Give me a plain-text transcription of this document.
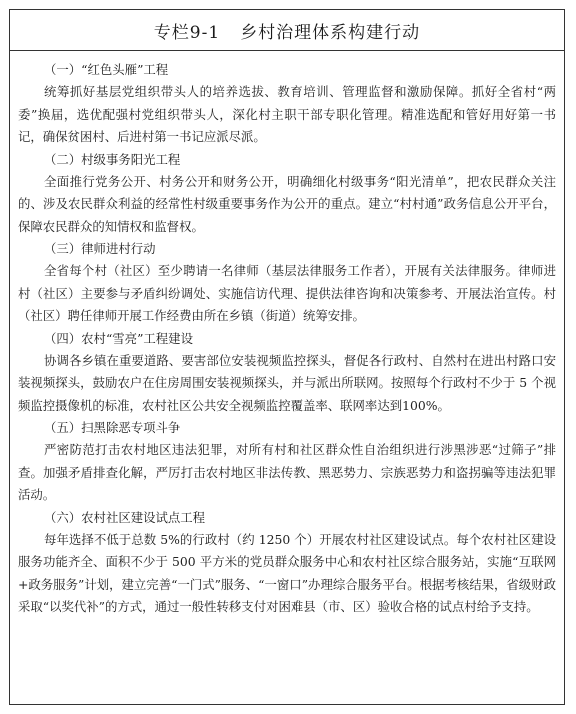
专栏9-1 乡村治理体系构建行动
（一）“红色头雁”工程

统筹抓好基层党组织带头人的培养选拔、教育培训、管理监督和激励保障。抓好全省村“两委”换届，选优配强村党组织带头人，深化村主职干部专职化管理。精准选配和管好用好第一书记，确保贫困村、后进村第一书记应派尽派。

（二）村级事务阳光工程

全面推行党务公开、村务公开和财务公开，明确细化村级事务“阳光清单”，把农民群众关注的、涉及农民群众利益的经常性村级重要事务作为公开的重点。建立“村村通”政务信息公开平台，保障农民群众的知情权和监督权。

（三）律师进村行动

全省每个村（社区）至少聘请一名律师（基层法律服务工作者），开展有关法律服务。律师进村（社区）主要参与矛盾纠纷调处、实施信访代理、提供法律咨询和决策参考、开展法治宣传。村（社区）聘任律师开展工作经费由所在乡镇（街道）统筹安排。

（四）农村“雪亮”工程建设

协调各乡镇在重要道路、要害部位安装视频监控探头，督促各行政村、自然村在进出村路口安装视频探头，鼓励农户在住房周围安装视频探头，并与派出所联网。按照每个行政村不少于 5 个视频监控摄像机的标准，农村社区公共安全视频监控覆盖率、联网率达到100%。

（五）扫黑除恶专项斗争

严密防范打击农村地区违法犯罪，对所有村和社区群众性自治组织进行涉黑涉恶“过筛子”排查。加强矛盾排查化解，严厉打击农村地区非法传教、黑恶势力、宗族恶势力和盗拐骗等违法犯罪活动。

（六）农村社区建设试点工程

每年选择不低于总数 5%的行政村（约 1250 个）开展农村社区建设试点。每个农村社区建设服务功能齐全、面积不少于 500 平方米的党员群众服务中心和农村社区综合服务站，实施“互联网+政务服务”计划，建立完善“一门式”服务、“一窗口”办理综合服务平台。根据考核结果，省级财政采取“以奖代补”的方式，通过一般性转移支付对困难县（市、区）验收合格的试点村给予支持。
